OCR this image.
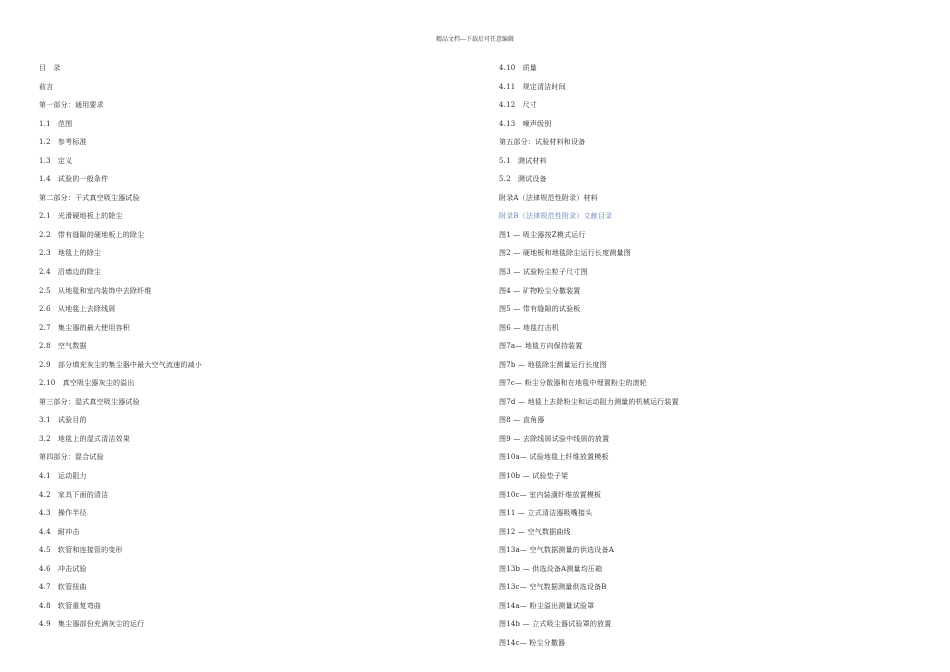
精品文档---下载后可任意编辑
目　录
前言
第一部分：通用要求
1.1　范围
1.2　参考标准
1.3　定义
1.4　试验的一般条件
第二部分：干式真空吸尘器试验
2.1　光滑硬地板上的除尘
2.2　带有缝隙的硬地板上的除尘
2.3　地毯上的除尘
2.4　沿墙边的除尘
2.5　从地毯和室内装饰中去除纤维
2.6　从地毯上去除线屑
2.7　集尘器的最大使用容积
2.8　空气数据
2.9　部分填充灰尘的集尘器中最大空气流速的减小
2.10　真空吸尘器灰尘的溢出
第三部分：湿式真空吸尘器试验
3.1　试验目的
3.2　地毯上的湿式清洁效果
第四部分：混合试验
4.1　运动阻力
4.2　家具下面的清洁
4.3　操作半径
4.4　耐冲击
4.5　软管和连接管的变形
4.6　冲击试验
4.7　软管扭曲
4.8　软管重复弯曲
4.9　集尘器部份充满灰尘的运行
4.10　质量
4.11　规定清洁时间
4.12　尺寸
4.13　噪声级别
第五部分：试验材料和设备
5.1　测试材料
5.2　测试设备
附录A（法律规范性附录）材料
附录B（法律规范性附录）文献目录
图1 — 吸尘器按Z模式运行
图2 — 硬地板和地毯除尘运行长度测量图
图3 — 试验粉尘粒子尺寸图
图4 — 矿物粉尘分撒装置
图5 — 带有缝隙的试验板
图6 — 地毯打击机
图7a— 地毯方向保持装置
图7b — 地毯除尘测量运行长度图
图7c— 粉尘分散器和在地毯中埋置粉尘的滚轮
图7d — 地毯上去除粉尘和运动阻力测量的机械运行装置
图8 — 直角器
图9 — 去除线屑试验中线屑的放置
图10a— 试验地毯上纤维放置模板
图10b — 试验垫子架
图10c— 室内装潢纤维放置模板
图11 — 立式清洁器吸嘴接头
图12 — 空气数据曲线
图13a— 空气数据测量的供选设备A
图13b — 供选设备A测量均压箱
图13c— 空气数据测量供选设备B
图14a— 粉尘溢出测量试验罩
图14b — 立式吸尘器试验罩的放置
图14c— 粉尘分撒器
